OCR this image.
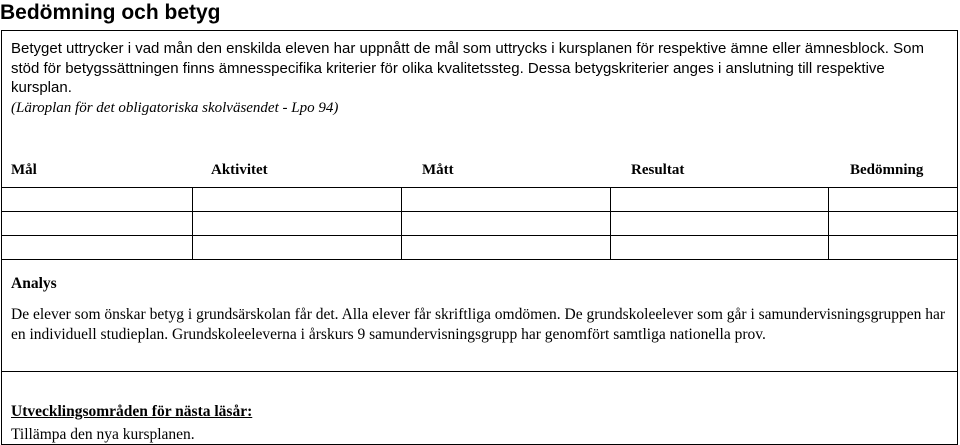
Bedömning och betyg
Betyget uttrycker i vad mån den enskilda eleven har uppnått de mål som uttrycks i kursplanen för respektive ämne eller ämnesblock. Som stöd för betygssättningen finns ämnesspecifika kriterier för olika kvalitetssteg. Dessa betygskriterier anges i anslutning till respektive kursplan.
(Läroplan för det obligatoriska skolväsendet - Lpo 94)
Mål	Aktivitet	Mått	Resultat	Bedömning
Analys
De elever som önskar betyg i grundsärskolan får det. Alla elever får skriftliga omdömen. De grundskoleelever som går i samundervisningsgruppen har en individuell studieplan. Grundskoleeleverna i årskurs 9 samundervisningsgrupp har genomfört samtliga nationella prov.
Utvecklingsområden för nästa läsår:
Tillämpa den nya kursplanen.
